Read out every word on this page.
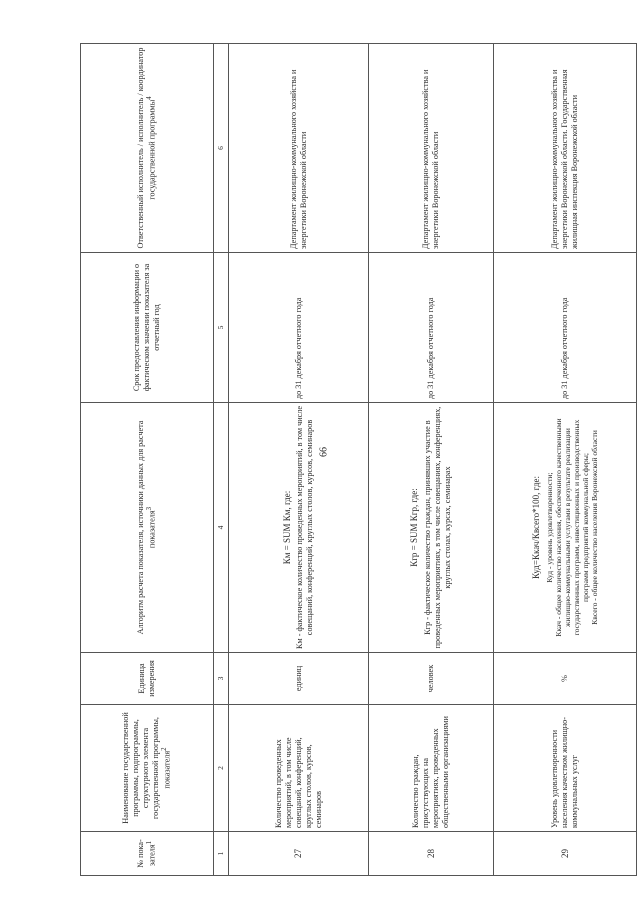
66
№ пока-зателя$^1$	Наименование государственной программы, подпрограммы, структурного элемента государственной программы, показателя$^2$	Единица измерения	Алгоритм расчета показателя, источники данных для расчета показателя$^3$	Срок предоставления информации о фактическом значении показателя за отчетный год	Ответственный исполнитель / исполнитель / координатор государственной программы$^4$
1	2	3	4	5	6
27	Количество проведенных мероприятий, в том числе совещаний, конференций, круглых столов, курсов, семинаров	единиц	Км = SUM Км, где: Км - фактическое количество проведенных мероприятий, в том числе совещаний, конференций, круглых столов, курсов, семинаров	до 31 декабря отчетного года	Департамент жилищно-коммунального хозяйства и энергетики Воронежской области
28	Количество граждан, присутствующих на мероприятиях, проведенных общественными организациями	человек	Кгр = SUM Кгр, где: Кгр - фактическое количество граждан, принявших участие в проведенных мероприятиях, в том числе совещаниях, конференциях, круглых столах, курсах, семинарах	до 31 декабря отчетного года	Департамент жилищно-коммунального хозяйства и энергетики Воронежской области
29	Уровень удовлетворенности населения качеством жилищно-коммунальных услуг	%	Куд=Ккач/Квсего*100, где: Куд - уровень удовлетворенности; Ккач - общее количество населения, обеспеченного качественными жилищно-коммунальными услугами в результате реализации государственных программ, инвестиционных и производственных программ предприятий коммунальной сферы; Квсего - общее количество населения Воронежской области	до 31 декабря отчетного года	Департамент жилищно-коммунального хозяйства и энергетики Воронежской области. Государственная жилищная инспекция Воронежской области
